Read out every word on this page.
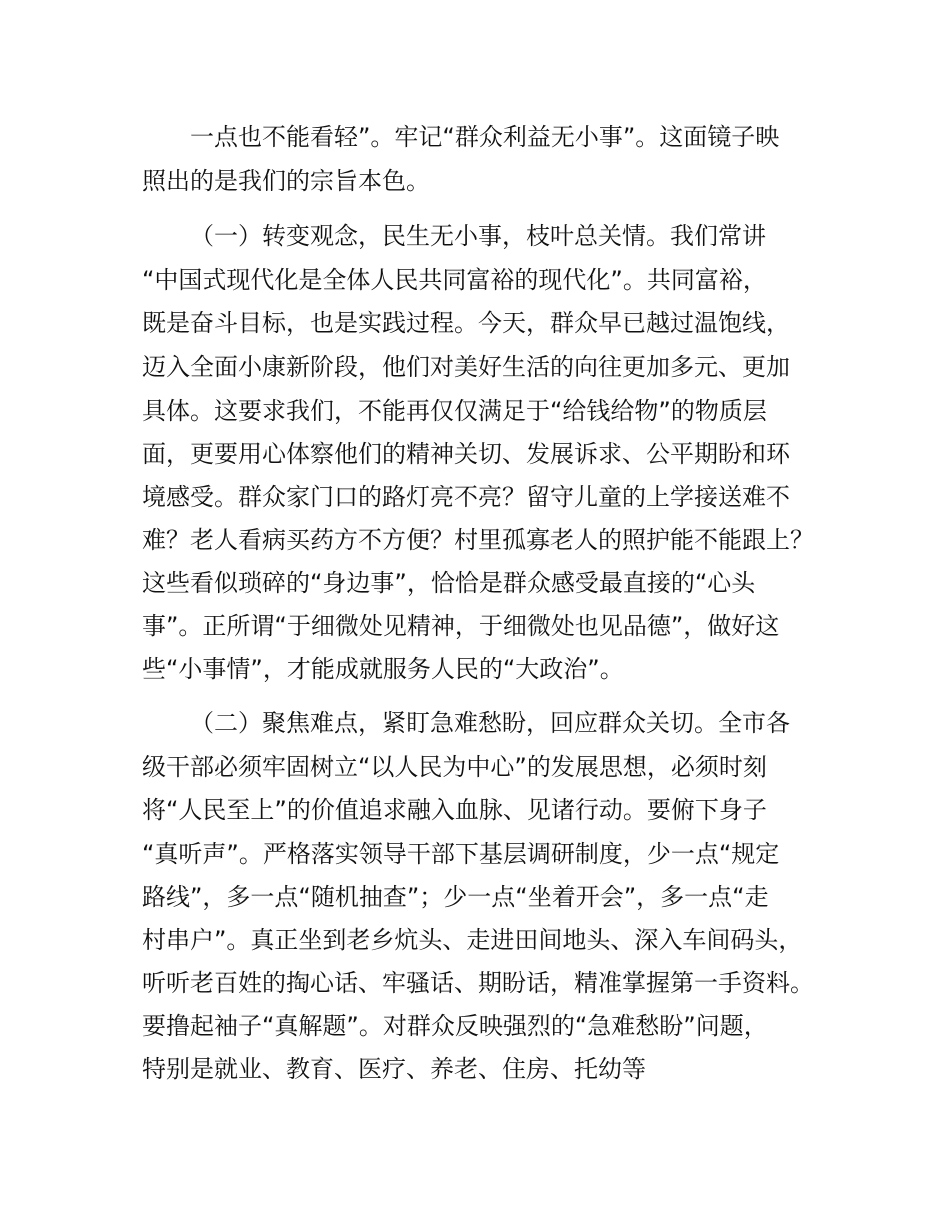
一点也不能看轻”。牢记“群众利益无小事”。这面镜子映

照出的是我们的宗旨本色。

（一）转变观念，民生无小事，枝叶总关情。我们常讲

“中国式现代化是全体人民共同富裕的现代化”。共同富裕，

既是奋斗目标，也是实践过程。今天，群众早已越过温饱线，

迈入全面小康新阶段，他们对美好生活的向往更加多元、更加

具体。这要求我们，不能再仅仅满足于“给钱给物”的物质层

面，更要用心体察他们的精神关切、发展诉求、公平期盼和环

境感受。群众家门口的路灯亮不亮？留守儿童的上学接送难不

难？老人看病买药方不方便？村里孤寡老人的照护能不能跟上？

这些看似琐碎的“身边事”，恰恰是群众感受最直接的“心头

事”。正所谓“于细微处见精神，于细微处也见品德”，做好这

些“小事情”，才能成就服务人民的“大政治”。

（二）聚焦难点，紧盯急难愁盼，回应群众关切。全市各

级干部必须牢固树立“以人民为中心”的发展思想，必须时刻

将“人民至上”的价值追求融入血脉、见诸行动。要俯下身子

“真听声”。严格落实领导干部下基层调研制度，少一点“规定

路线”，多一点“随机抽查”；少一点“坐着开会”，多一点“走

村串户”。真正坐到老乡炕头、走进田间地头、深入车间码头，

听听老百姓的掏心话、牢骚话、期盼话，精准掌握第一手资料。

要撸起袖子“真解题”。对群众反映强烈的“急难愁盼”问题，

特别是就业、教育、医疗、养老、住房、托幼等
